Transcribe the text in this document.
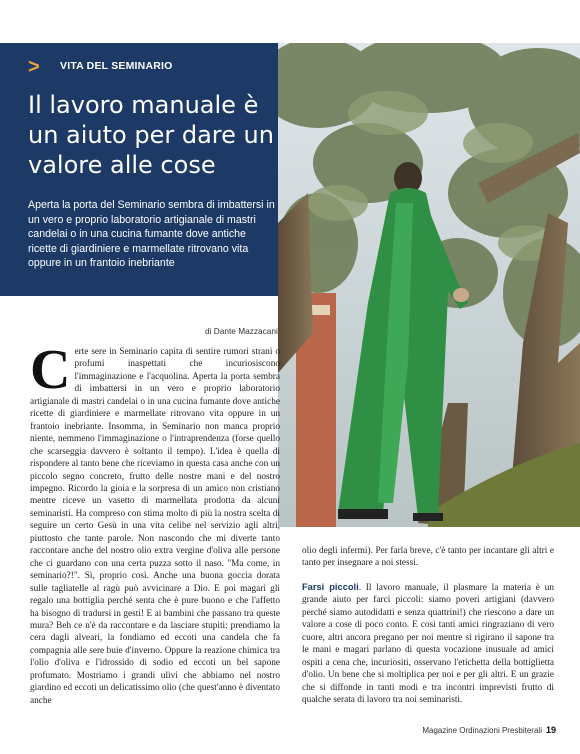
> VITA DEL SEMINARIO
Il lavoro manuale è un aiuto per dare un valore alle cose

Aperta la porta del Seminario sembra di imbattersi in un vero e proprio laboratorio artigianale di mastri candelai o in una cucina fumante dove antiche ricette di giardiniere e marmellate ritrovano vita oppure in un frantoio inebriante

di Dante Mazzacani
Certe sere in Seminario capita di sentire rumori strani o profumi inaspettati che incuriosiscono l'immaginazione e l'acquolina. Aperta la porta sembra di imbattersi in un vero e proprio laboratorio artigianale di mastri candelai o in una cucina fumante dove antiche ricette di giardiniere e marmellate ritrovano vita oppure in un frantoio inebriante. Insomma, in Seminario non manca proprio niente, nemmeno l'immaginazione o l'intraprendenza (forse quello che scarseggia davvero è soltanto il tempo). L'idea è quella di rispondere al tanto bene che riceviamo in questa casa anche con un piccolo segno concreto, frutto delle nostre mani e del nostro impegno. Ricordo la gioia e la sorpresa di un amico non cristiano mentre riceve un vasetto di marmellata prodotta da alcuni seminaristi. Ha compreso con stima molto di più la nostra scelta di seguire un certo Gesù in una vita celibe nel servizio agli altri, piuttosto che tante parole. Non nascondo che mi diverte tanto raccontare anche del nostro olio extra vergine d'oliva alle persone che ci guardano con una certa puzza sotto il naso. "Ma come, in seminario?!". Sì, proprio così. Anche una buona goccia dorata sulle tagliatelle al ragù può avvicinare a Dio. E poi magari gli regalo una bottiglia perché senta che è pure buono e che l'affetto ha bisogno di tradursi in gesti! E ai bambini che passano tra queste mura? Beh ce n'è da raccontare e da lasciare stupiti: prendiamo la cera dagli alveari, la fondiamo ed eccoti una candela che fa compagnia alle sere buie d'inverno. Oppure la reazione chimica tra l'olio d'oliva e l'idrossido di sodio ed eccoti un bel sapone profumato. Mostriamo i grandi ulivi che abbiamo nel nostro giardino ed eccoti un delicatissimo olio (che quest'anno è diventato anche

olio degli infermi). Per farla breve, c'è tanto per incantare gli altri e tanto per insegnare a noi stessi.

Farsi piccoli. Il lavoro manuale, il plasmare la materia è un grande aiuto per farci piccoli: siamo poveri artigiani (davvero perché siamo autodidatti e senza quattrini!) che riescono a dare un valore a cose di poco conto. E così tanti amici ringraziano di vero cuore, altri ancora pregano per noi mentre si rigirano il sapone tra le mani e magari parlano di questa vocazione inusuale ad amici ospiti a cena che, incuriositi, osservano l'etichetta della bottiglietta d'olio. Un bene che si moltiplica per noi e per gli altri. E un grazie che si diffonde in tanti modi e tra incontri imprevisti frutto di qualche serata di lavoro tra noi seminaristi.

Magazine Ordinazioni Presbiterali 19
